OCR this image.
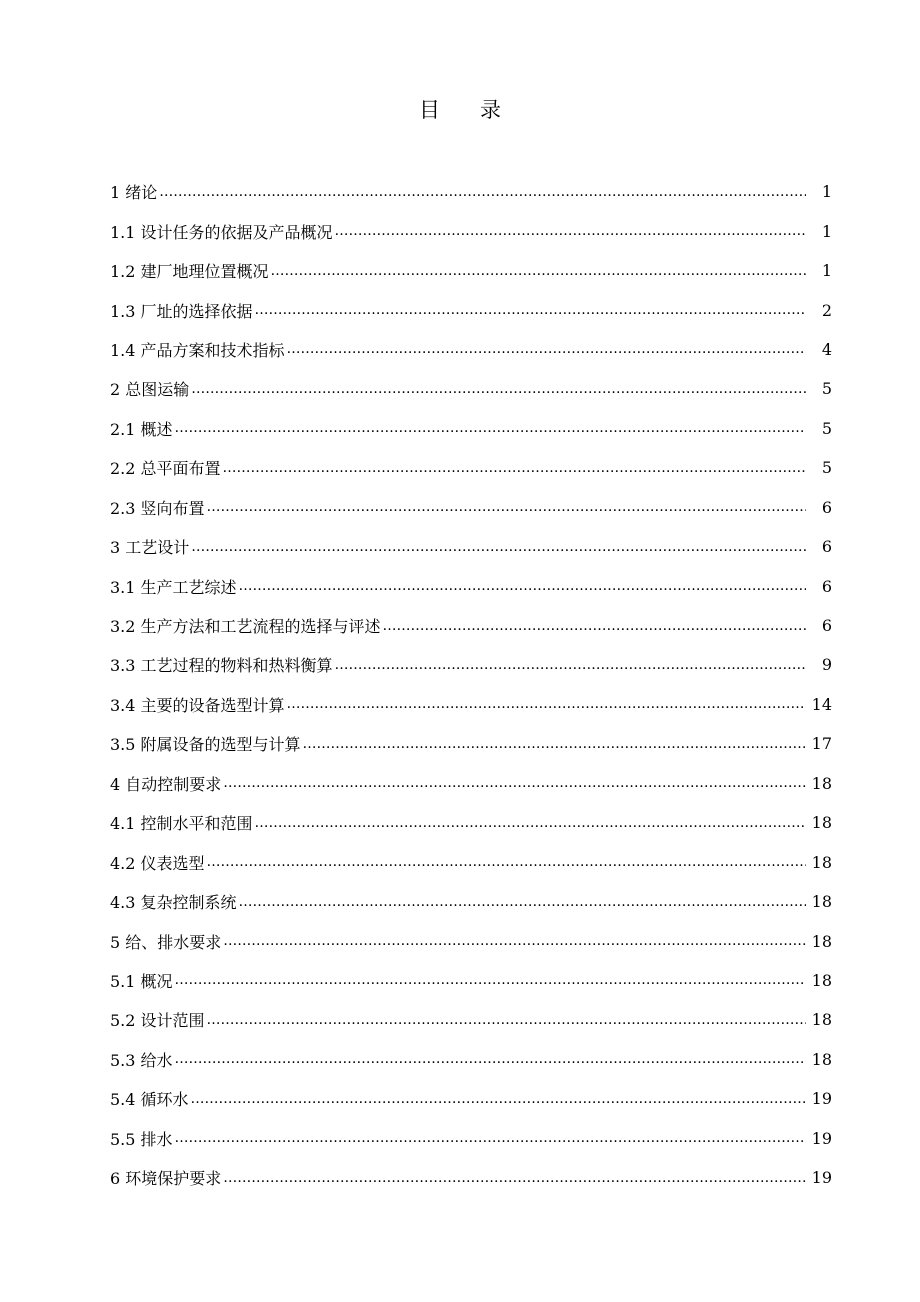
目 录
1 绪论 …………………………………………………………………………………………………………………………………………………………………………………………………	1
1.1 设计任务的依据及产品概况 …………………………………………………………………………………………………………………………………………………………………………………………………	1
1.2 建厂地理位置概况 …………………………………………………………………………………………………………………………………………………………………………………………………	1
1.3 厂址的选择依据 …………………………………………………………………………………………………………………………………………………………………………………………………	2
1.4 产品方案和技术指标 …………………………………………………………………………………………………………………………………………………………………………………………………	4
2 总图运输 …………………………………………………………………………………………………………………………………………………………………………………………………	5
2.1 概述 …………………………………………………………………………………………………………………………………………………………………………………………………	5
2.2 总平面布置 …………………………………………………………………………………………………………………………………………………………………………………………………	5
2.3 竖向布置 …………………………………………………………………………………………………………………………………………………………………………………………………	6
3 工艺设计 …………………………………………………………………………………………………………………………………………………………………………………………………	6
3.1 生产工艺综述 …………………………………………………………………………………………………………………………………………………………………………………………………	6
3.2 生产方法和工艺流程的选择与评述 …………………………………………………………………………………………………………………………………………………………………………………………………	6
3.3 工艺过程的物料和热料衡算 …………………………………………………………………………………………………………………………………………………………………………………………………	9
3.4 主要的设备选型计算 …………………………………………………………………………………………………………………………………………………………………………………………………	14
3.5 附属设备的选型与计算 …………………………………………………………………………………………………………………………………………………………………………………………………	17
4 自动控制要求 …………………………………………………………………………………………………………………………………………………………………………………………………	18
4.1 控制水平和范围 …………………………………………………………………………………………………………………………………………………………………………………………………	18
4.2 仪表选型 …………………………………………………………………………………………………………………………………………………………………………………………………	18
4.3 复杂控制系统 …………………………………………………………………………………………………………………………………………………………………………………………………	18
5 给、排水要求 …………………………………………………………………………………………………………………………………………………………………………………………………	18
5.1 概况 …………………………………………………………………………………………………………………………………………………………………………………………………	18
5.2 设计范围 …………………………………………………………………………………………………………………………………………………………………………………………………	18
5.3 给水 …………………………………………………………………………………………………………………………………………………………………………………………………	18
5.4 循环水 …………………………………………………………………………………………………………………………………………………………………………………………………	19
5.5 排水 …………………………………………………………………………………………………………………………………………………………………………………………………	19
6 环境保护要求 …………………………………………………………………………………………………………………………………………………………………………………………………	19
